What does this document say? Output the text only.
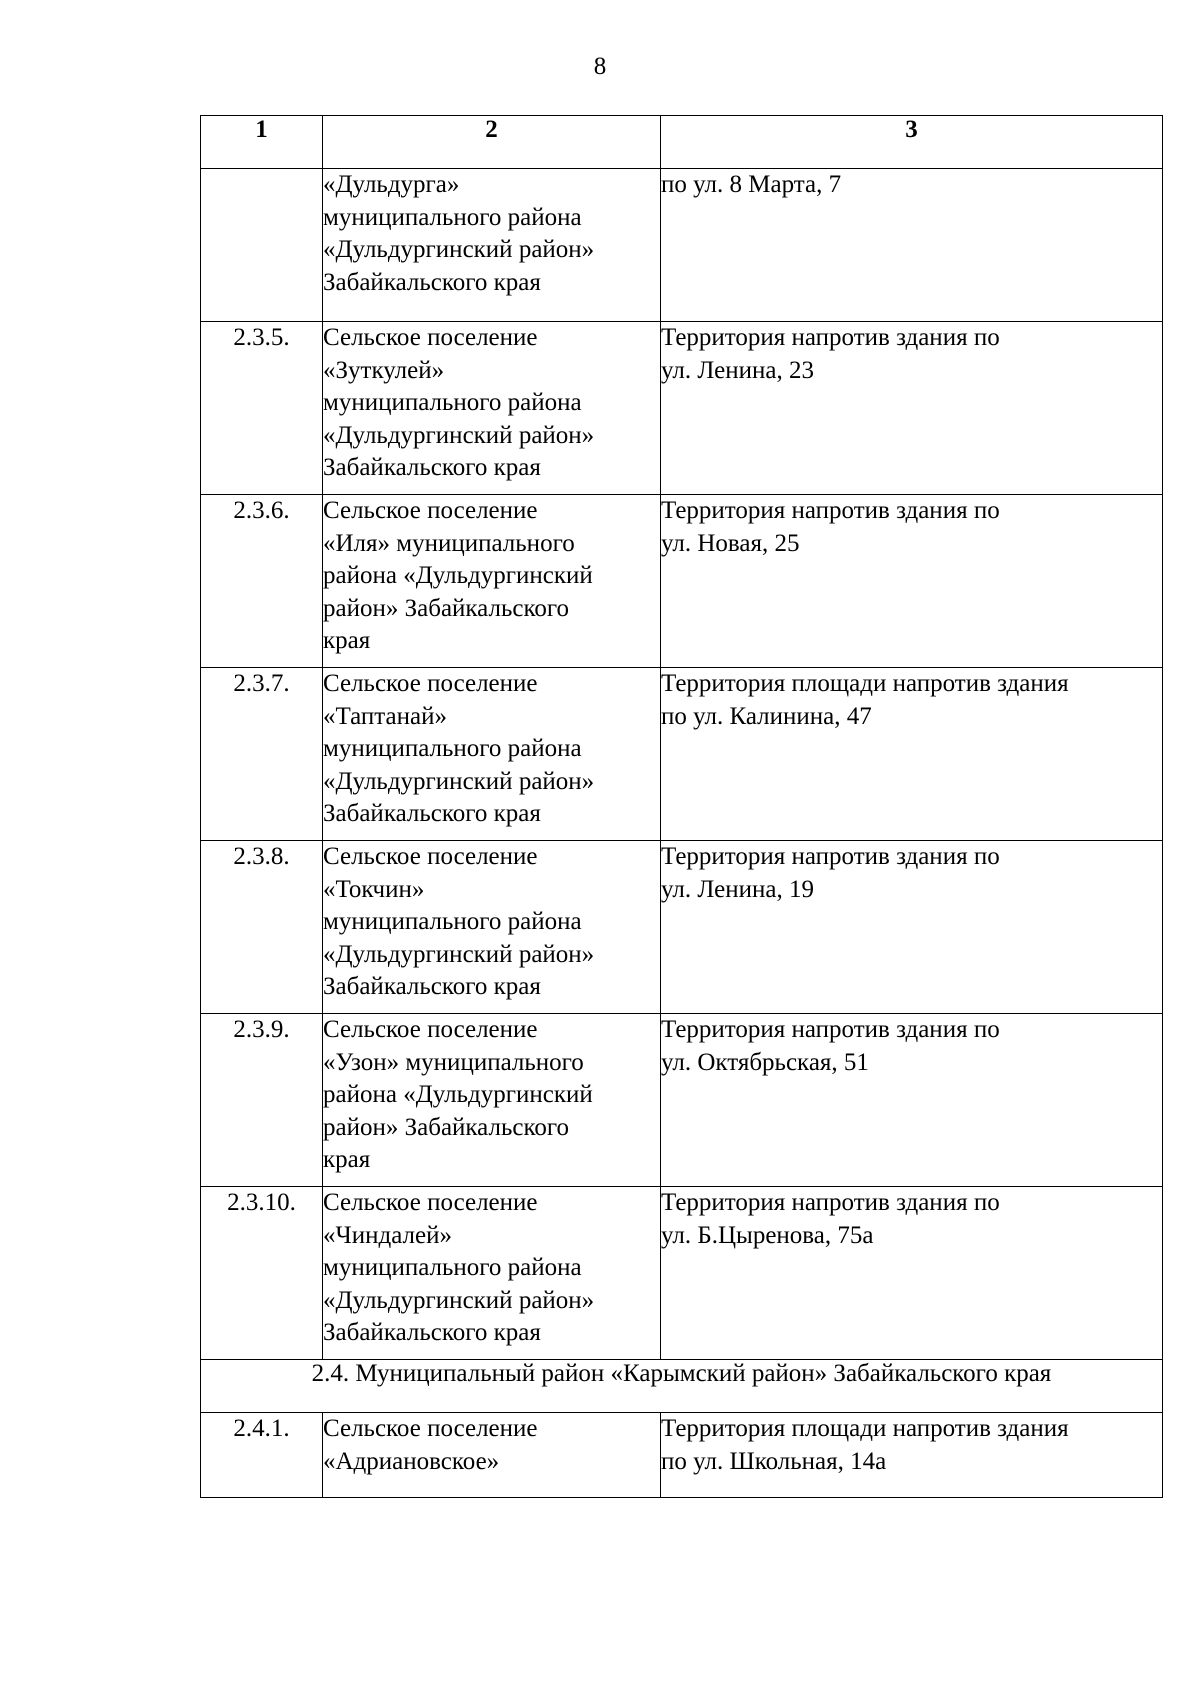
8
1	2	3

	«Дульдурга»
муниципального района
«Дульдургинский район»
Забайкальского края	по ул. 8 Марта, 7

2.3.5.	Сельское поселение
«Зуткулей»
муниципального района
«Дульдургинский район»
Забайкальского края	Территория напротив здания по
ул. Ленина, 23

2.3.6.	Сельское поселение
«Иля» муниципального
района «Дульдургинский
район» Забайкальского
края	Территория напротив здания по
ул. Новая, 25

2.3.7.	Сельское поселение
«Таптанай»
муниципального района
«Дульдургинский район»
Забайкальского края	Территория площади напротив здания
по ул. Калинина, 47

2.3.8.	Сельское поселение
«Токчин»
муниципального района
«Дульдургинский район»
Забайкальского края	Территория напротив здания по
ул. Ленина, 19

2.3.9.	Сельское поселение
«Узон» муниципального
района «Дульдургинский
район» Забайкальского
края	Территория напротив здания по
ул. Октябрьская, 51

2.3.10.	Сельское поселение
«Чиндалей»
муниципального района
«Дульдургинский район»
Забайкальского края	Территория напротив здания по
ул. Б.Цыренова, 75а

2.4. Муниципальный район «Карымский район» Забайкальского края		

2.4.1.	Сельское поселение
«Адриановское»	Территория площади напротив здания
по ул. Школьная, 14а
